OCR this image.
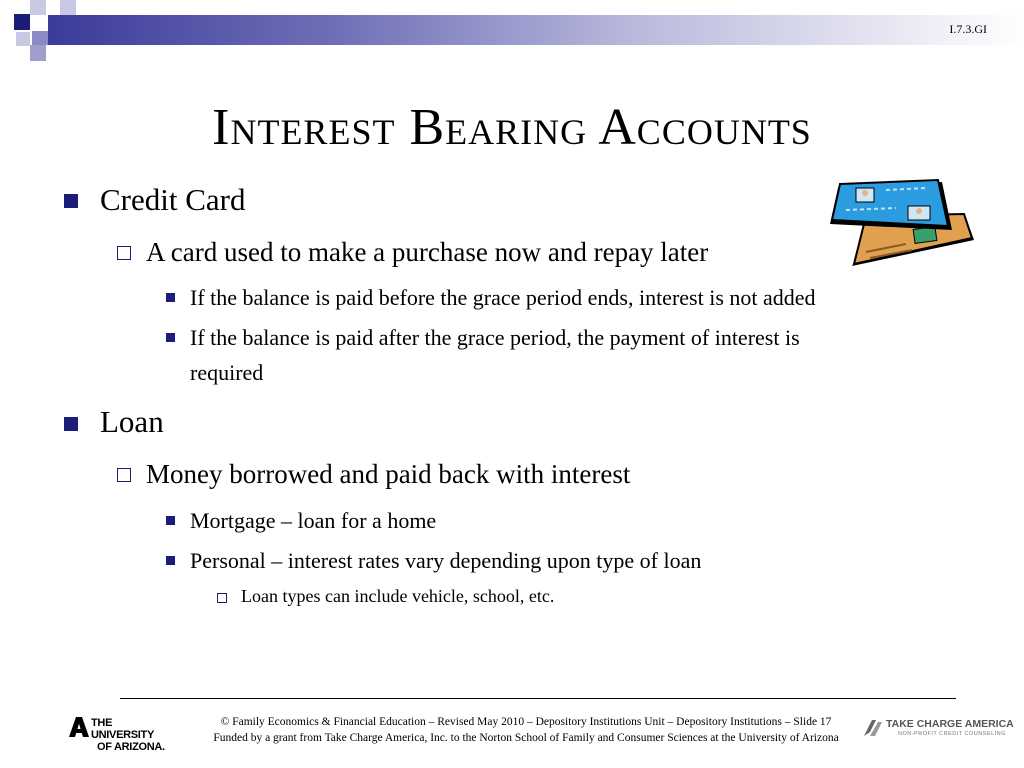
I.7.3.GI
Interest Bearing Accounts
Credit Card
A card used to make a purchase now and repay later
If the balance is paid before the grace period ends, interest is not added
If the balance is paid after the grace period, the payment of interest is
required
Loan
Money borrowed and paid back with interest
Mortgage – loan for a home
Personal – interest rates vary depending upon type of loan
Loan types can include vehicle, school, etc.
THE UNIVERSITY
OF ARIZONA.
© Family Economics & Financial Education – Revised May 2010 – Depository Institutions Unit – Depository Institutions – Slide 17
Funded by a grant from Take Charge America, Inc. to the Norton School of Family and Consumer Sciences at the University of Arizona
TAKE CHARGE AMERICA
NON-PROFIT CREDIT COUNSELING
